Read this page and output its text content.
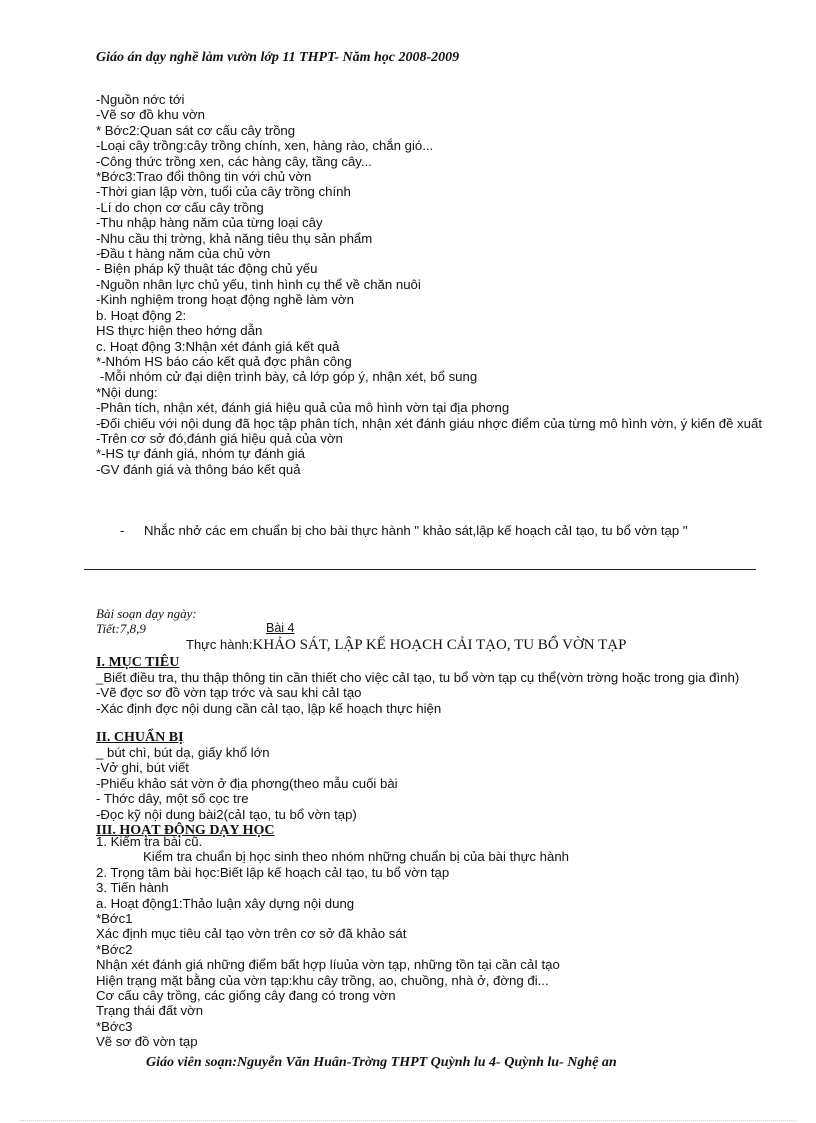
Giáo án dạy nghề làm vườn lớp 11 THPT- Năm học 2008-2009

-Nguồn nớc tới

-Vẽ sơ đồ khu vờn

* Bớc2:Quan sát cơ cấu cây trồng

-Loại cây trồng:cây trồng chính, xen, hàng rào, chắn gió...

-Công thức trồng xen, các hàng cây, tầng cây...

*Bớc3:Trao đổi thông tin với chủ vờn

-Thời gian lập vờn, tuổi của cây trồng chính

-Lí do chọn cơ cấu cây trồng

-Thu nhập hàng năm của từng loại cây

-Nhu cầu thị trờng, khả năng tiêu thụ sản phẩm

-Đầu t hàng năm của chủ vờn

- Biện pháp kỹ thuật tác động chủ yếu

-Nguồn nhân lực chủ yếu, tình hình cụ thể về chăn nuôi

-Kinh nghiệm trong hoạt động nghề làm vờn

b. Hoạt động 2:

HS thực hiện theo hớng dẫn

c. Hoạt động 3:Nhận xét đánh giá kết quả

*-Nhóm HS báo cáo kết quả đợc phân công

-Mỗi nhóm cử đại diện trình bày, cả lớp góp ý, nhận xét, bổ sung

*Nội dung:

-Phân tích, nhận xét, đánh giá hiệu quả của mô hình vờn tại địa phơng

-Đối chiếu với nội dung đã học tập phân tích, nhận xét đánh giáu nhợc điểm của từng mô hình vờn, ý kiến đề xuất

-Trên cơ sở đó,đánh giá hiệu quả của vờn

*-HS tự đánh giá, nhóm tự đánh giá

-GV đánh giá và thông báo kết quả

- Nhắc nhở các em chuẩn bị cho bài thực hành " khảo sát,lập kế hoạch cảI tạo, tu bổ vờn tạp "

Bài soạn dạy ngày:

Tiết:7,8,9	Bài 4

Thực hành:KHẢO SÁT, LẬP KẾ HOẠCH CẢI TẠO, TU BỔ VỜN TẠP

I. MỤC TIÊU

_Biết điều tra, thu thập thông tin cần thiết cho việc cảI tạo, tu bổ vờn tạp cụ thể(vờn trờng hoặc trong gia đình)

-Vẽ đợc sơ đồ vờn tạp trớc và sau khi cảI tạo

-Xác định đợc nội dung cần cảI tạo, lập kế hoạch thực hiện

II. CHUẨN BỊ

_ bút chì, bút dạ, giấy khổ lớn

-Vở ghi, bút viết

-Phiếu khảo sát vờn ở địa phơng(theo mẫu cuối bài

- Thớc dây, một số cọc tre

-Đọc kỹ nội dung bài2(cảI tạo, tu bổ vờn tạp)

III. HOẠT ĐỘNG DẠY HỌC

1. Kiểm tra bài cũ.

Kiểm tra chuẩn bị học sinh theo nhóm những chuẩn bị của bài thực hành

2. Trọng tâm bài học:Biết lập kế hoạch cảI tạo, tu bổ vờn tạp

3. Tiến hành

a. Hoạt động1:Thảo luận xây dựng nội dung

*Bớc1

Xác định mục tiêu cảI tạo vờn trên cơ sở đã khảo sát

*Bớc2

Nhận xét đánh giá những điểm bất hợp líuủa vờn tạp, những tồn tại cần cảI tạo

Hiện trạng mặt bằng của vờn tạp:khu cây trồng, ao, chuồng, nhà ở, đờng đi...

Cơ cấu cây trồng, các giống cây đang có trong vờn

Trạng thái đất vờn

*Bớc3

Vẽ sơ đồ vờn tạp

Giáo viên soạn:Nguyễn Văn Huân-Trờng THPT Quỳnh lu 4- Quỳnh lu- Nghệ an
